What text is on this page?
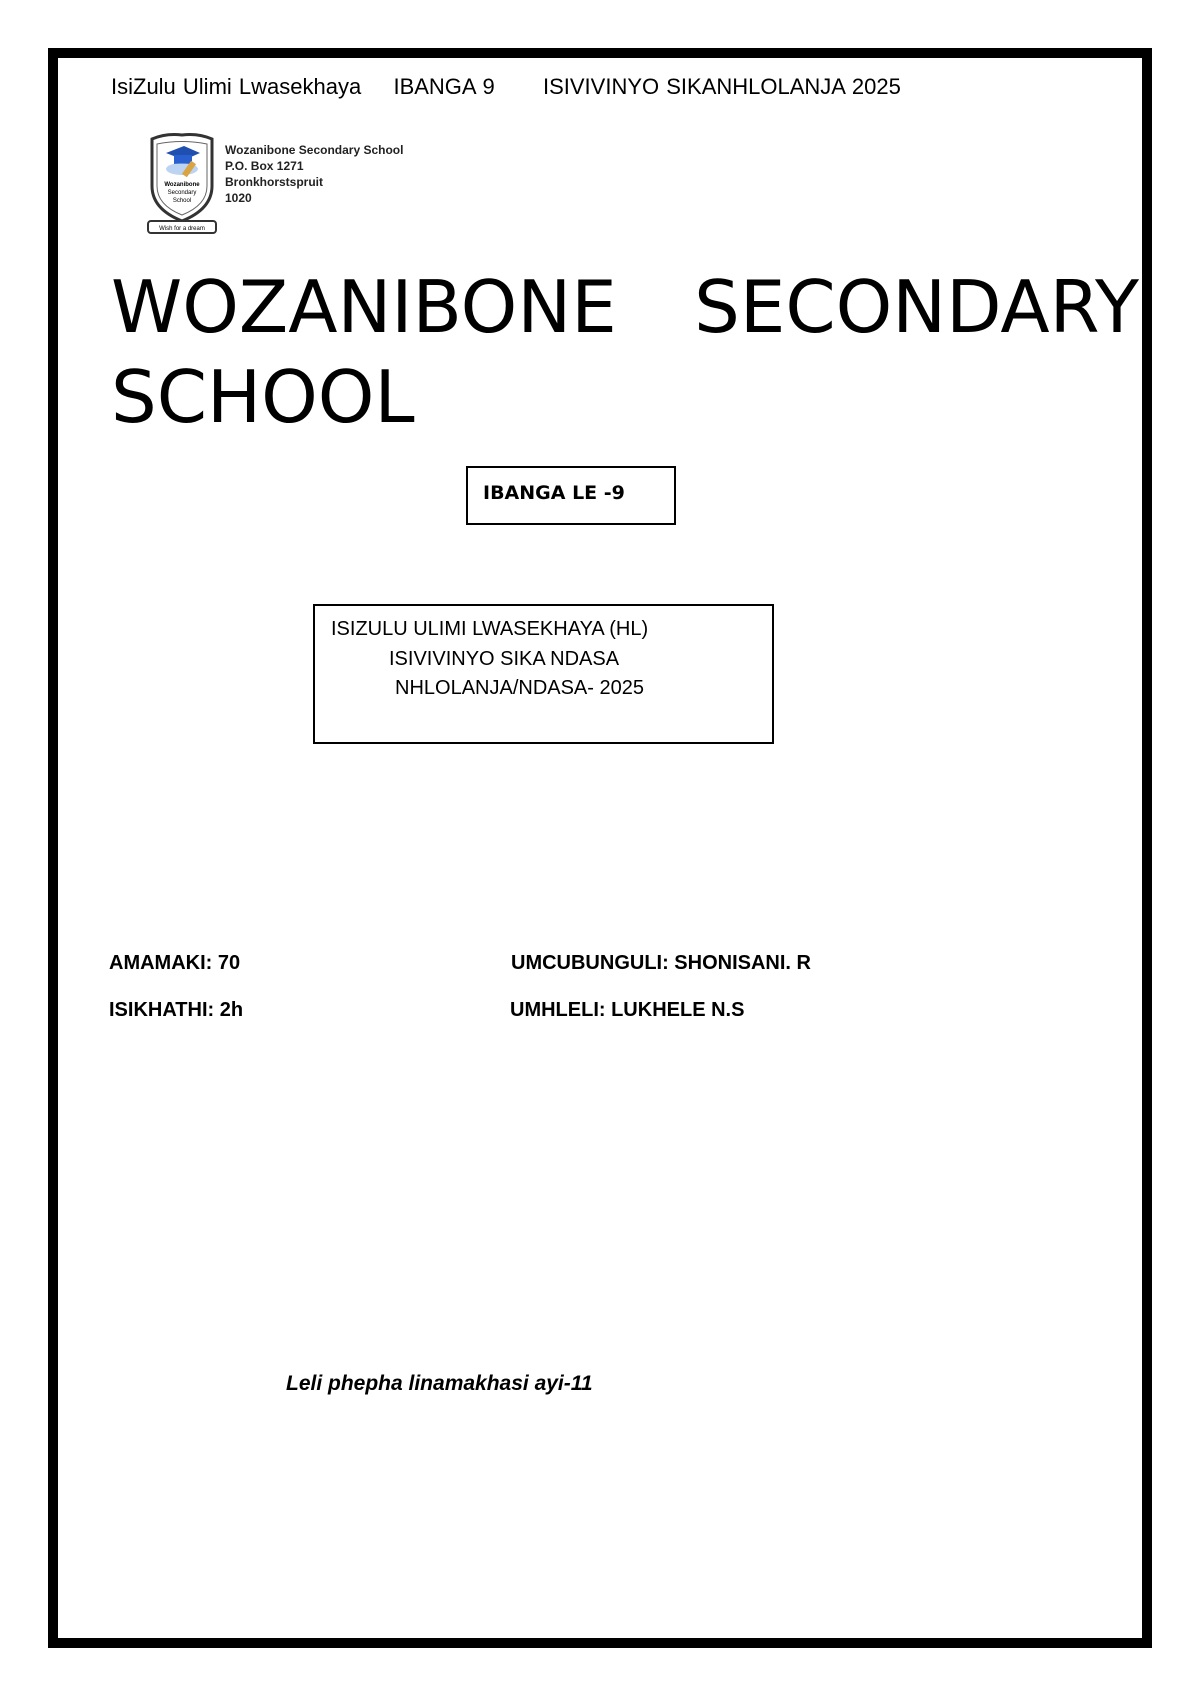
IsiZulu Ulimi Lwasekhaya IBANGA 9 ISIVIVINYO SIKANHLOLANJA 2025
Wozanibone
Secondary
School
Wish for a dream
Wozanibone Secondary School
P.O. Box 1271
Bronkhorstspruit
1020
WOZANIBONE SECONDARY
SCHOOL
IBANGA LE -9
ISIZULU ULIMI LWASEKHAYA (HL)
ISIVIVINYO SIKA NDASA
NHLOLANJA/NDASA- 2025
AMAMAKI: 70
ISIKHATHI: 2h
UMCUBUNGULI: SHONISANI. R
UMHLELI: LUKHELE N.S
Leli phepha linamakhasi ayi-11
